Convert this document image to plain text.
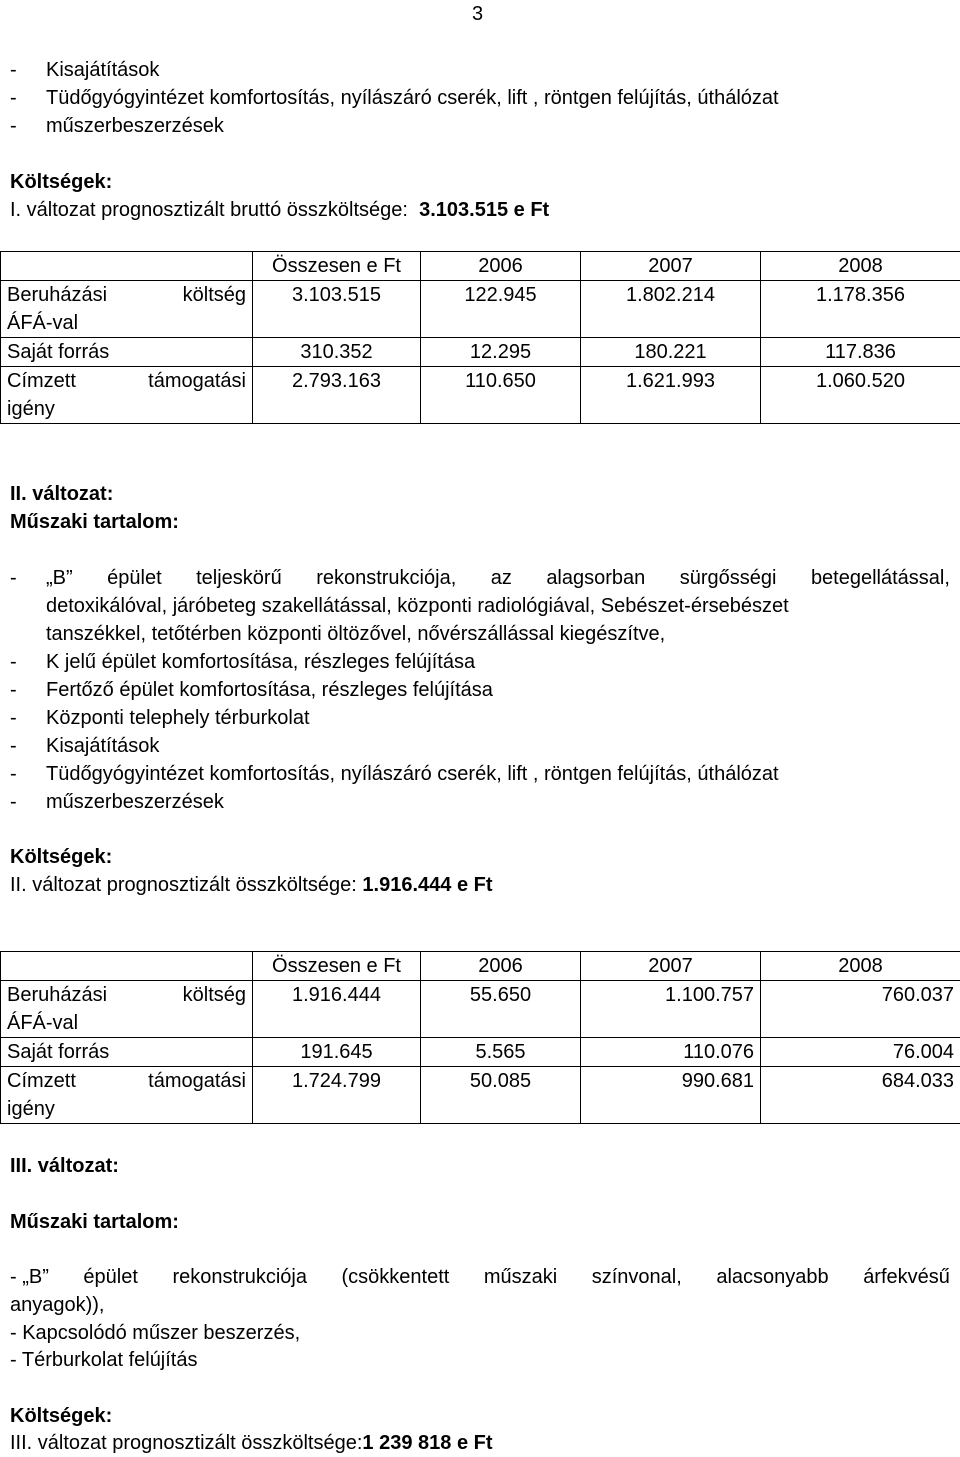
3
- Kisajátítások
- Tüdőgyógyintézet komfortosítás, nyílászáró cserék, lift , röntgen felújítás, úthálózat
- műszerbeszerzések
Költségek:
I. változat prognosztizált bruttó összköltsége: 3.103.515 e Ft
	Összesen e Ft	2006	2007	2008

Beruházási költség
ÁFÁ-val	3.103.515	122.945	1.802.214	1.178.356
Saját forrás	310.352	12.295	180.221	117.836

Címzett támogatási
igény	2.793.163	110.650	1.621.993	1.060.520
II. változat:
Műszaki tartalom:
-	„B” épület teljeskörű rekonstrukciója, az alagsorban sürgősségi betegellátással,
detoxikálóval, járóbeteg szakellátással, központi radiológiával, Sebészet-érsebészet
tanszékkel, tetőtérben központi öltözővel, nővérszállással kiegészítve,
- K jelű épület komfortosítása, részleges felújítása
- Fertőző épület komfortosítása, részleges felújítása
- Központi telephely térburkolat
- Kisajátítások
- Tüdőgyógyintézet komfortosítás, nyílászáró cserék, lift , röntgen felújítás, úthálózat
- műszerbeszerzések
Költségek:
II. változat prognosztizált összköltsége: 1.916.444 e Ft
	Összesen e Ft	2006	2007	2008

Beruházási költség
ÁFÁ-val	1.916.444	55.650	1.100.757	760.037
Saját forrás	191.645	5.565	110.076	76.004

Címzett támogatási
igény	1.724.799	50.085	990.681	684.033
III. változat:
Műszaki tartalom:
- „B” épület rekonstrukciója (csökkentett műszaki színvonal, alacsonyabb árfekvésű
anyagok)),
- Kapcsolódó műszer beszerzés,
- Térburkolat felújítás
Költségek:
III. változat prognosztizált összköltsége:1 239 818 e Ft
